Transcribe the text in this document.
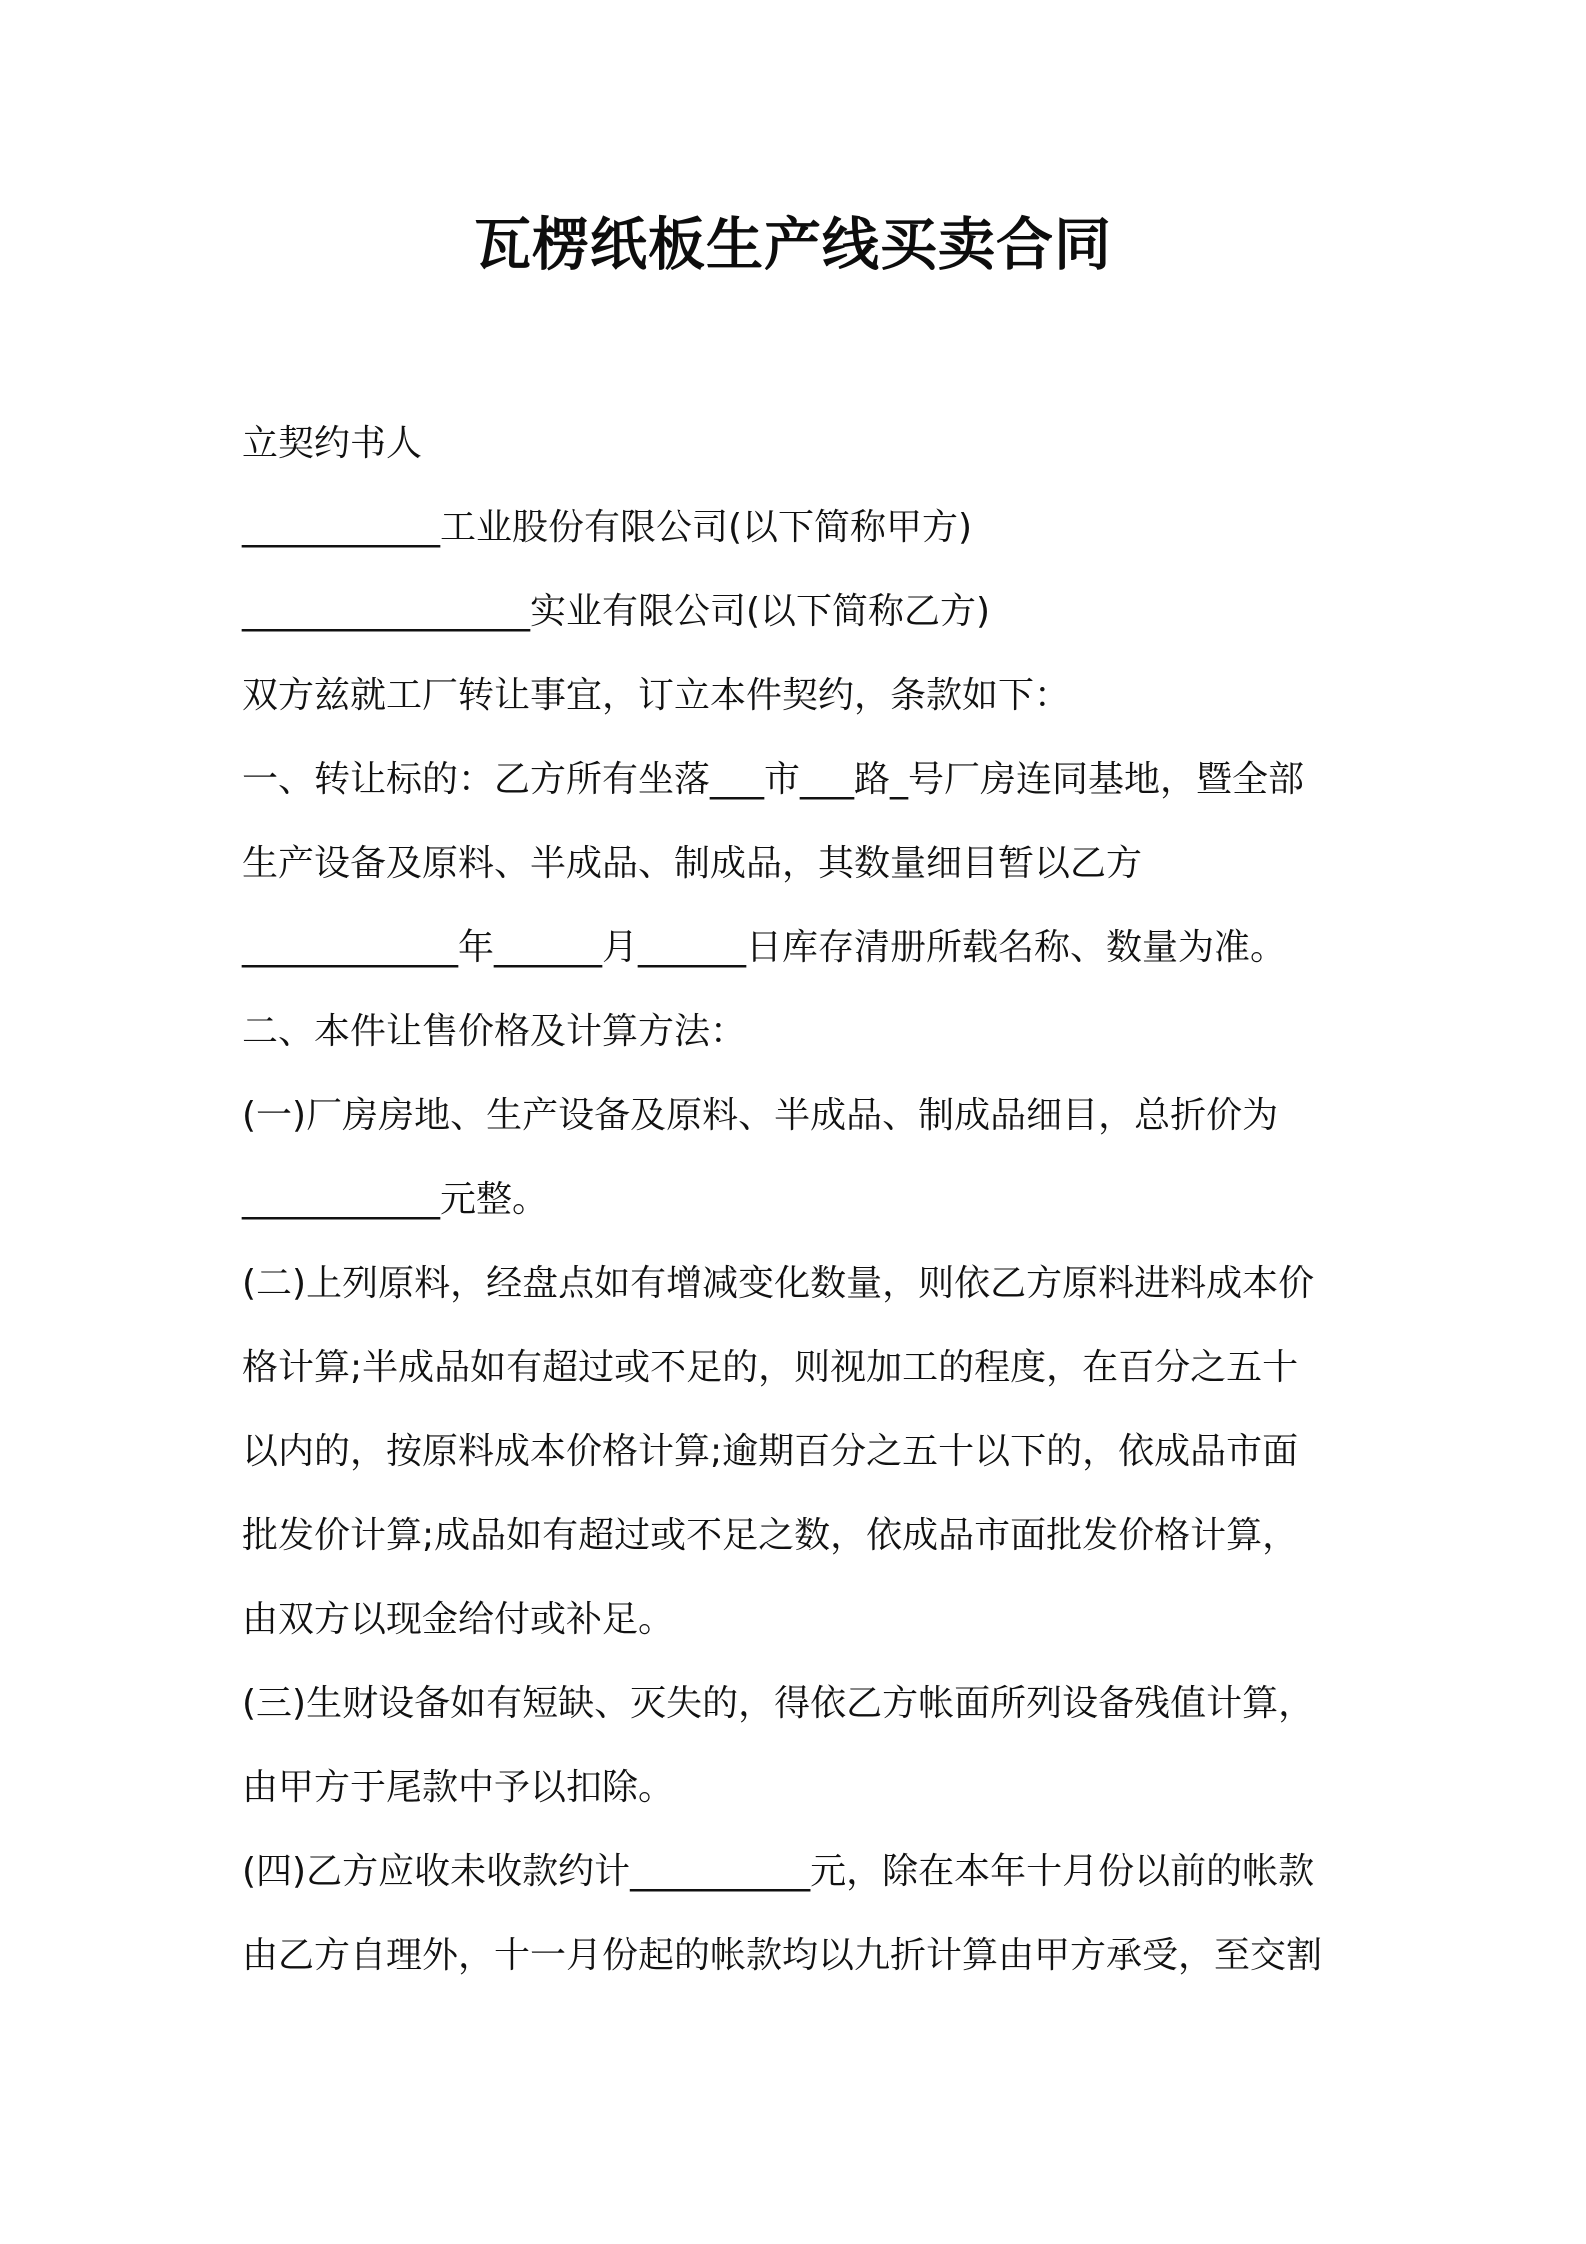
瓦楞纸板生产线买卖合同
立契约书人
___________工业股份有限公司(以下简称甲方)
________________实业有限公司(以下简称乙方)
双方兹就工厂转让事宜，订立本件契约，条款如下：
一、转让标的：乙方所有坐落___市___路_号厂房连同基地，暨全部
生产设备及原料、半成品、制成品，其数量细目暂以乙方
____________年______月______日库存清册所载名称、数量为准。
二、本件让售价格及计算方法：
(一)厂房房地、生产设备及原料、半成品、制成品细目，总折价为
___________元整。
(二)上列原料，经盘点如有增减变化数量，则依乙方原料进料成本价
格计算;半成品如有超过或不足的，则视加工的程度，在百分之五十
以内的，按原料成本价格计算;逾期百分之五十以下的，依成品市面
批发价计算;成品如有超过或不足之数，依成品市面批发价格计算，
由双方以现金给付或补足。
(三)生财设备如有短缺、灭失的，得依乙方帐面所列设备残值计算，
由甲方于尾款中予以扣除。
(四)乙方应收未收款约计__________元，除在本年十月份以前的帐款
由乙方自理外，十一月份起的帐款均以九折计算由甲方承受，至交割
